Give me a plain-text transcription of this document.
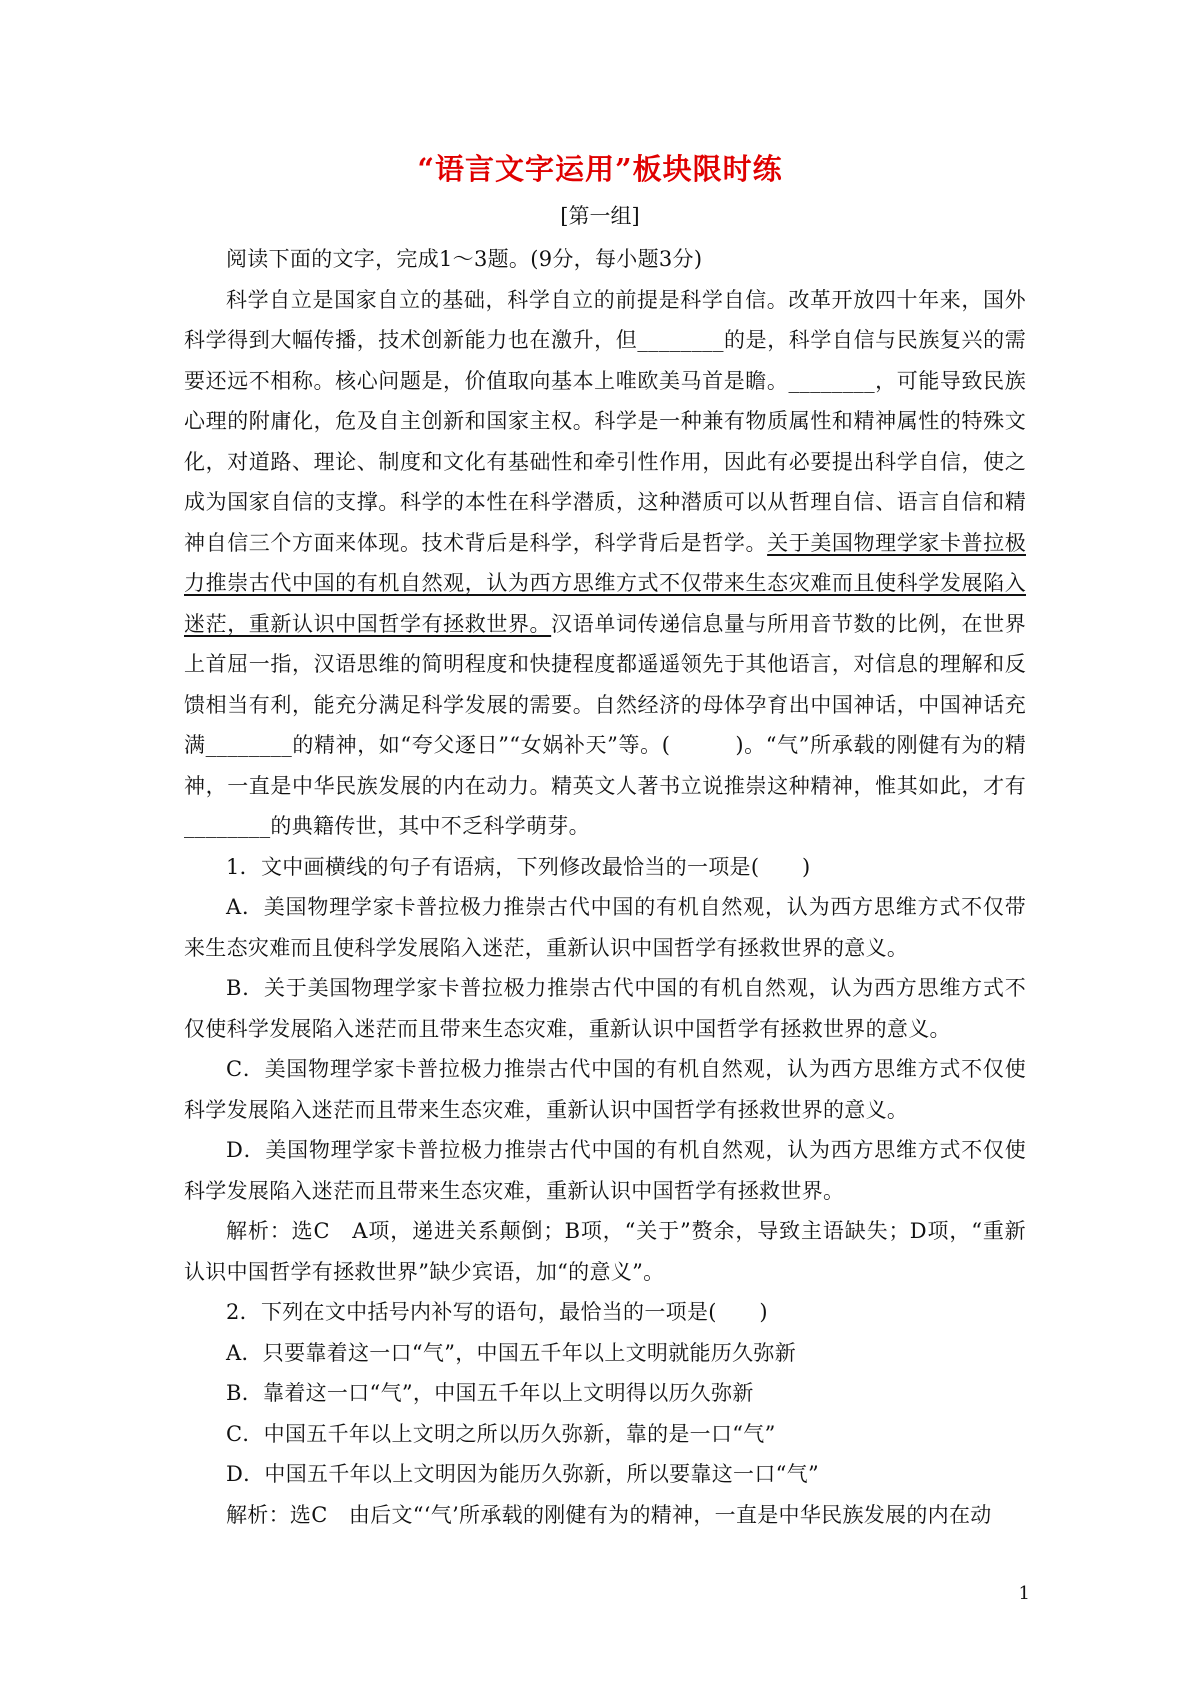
“语言文字运用”板块限时练
[第一组]

阅读下面的文字，完成1～3题。(9分，每小题3分)

科学自立是国家自立的基础，科学自立的前提是科学自信。改革开放四十年来，国外科学得到大幅传播，技术创新能力也在激升，但________的是，科学自信与民族复兴的需要还远不相称。核心问题是，价值取向基本上唯欧美马首是瞻。________，可能导致民族心理的附庸化，危及自主创新和国家主权。科学是一种兼有物质属性和精神属性的特殊文化，对道路、理论、制度和文化有基础性和牵引性作用，因此有必要提出科学自信，使之成为国家自信的支撑。科学的本性在科学潜质，这种潜质可以从哲理自信、语言自信和精神自信三个方面来体现。技术背后是科学，科学背后是哲学。关于美国物理学家卡普拉极力推崇古代中国的有机自然观，认为西方思维方式不仅带来生态灾难而且使科学发展陷入迷茫，重新认识中国哲学有拯救世界。汉语单词传递信息量与所用音节数的比例，在世界上首屈一指，汉语思维的简明程度和快捷程度都遥遥领先于其他语言，对信息的理解和反馈相当有利，能充分满足科学发展的需要。自然经济的母体孕育出中国神话，中国神话充满________的精神，如“夸父逐日”“女娲补天”等。(　　　)。“气”所承载的刚健有为的精神，一直是中华民族发展的内在动力。精英文人著书立说推崇这种精神，惟其如此，才有________的典籍传世，其中不乏科学萌芽。

1．文中画横线的句子有语病，下列修改最恰当的一项是(　　)

A．美国物理学家卡普拉极力推崇古代中国的有机自然观，认为西方思维方式不仅带来生态灾难而且使科学发展陷入迷茫，重新认识中国哲学有拯救世界的意义。

B．关于美国物理学家卡普拉极力推崇古代中国的有机自然观，认为西方思维方式不仅使科学发展陷入迷茫而且带来生态灾难，重新认识中国哲学有拯救世界的意义。

C．美国物理学家卡普拉极力推崇古代中国的有机自然观，认为西方思维方式不仅使科学发展陷入迷茫而且带来生态灾难，重新认识中国哲学有拯救世界的意义。

D．美国物理学家卡普拉极力推崇古代中国的有机自然观，认为西方思维方式不仅使科学发展陷入迷茫而且带来生态灾难，重新认识中国哲学有拯救世界。

解析：选C　A项，递进关系颠倒；B项，“关于”赘余，导致主语缺失；D项，“重新认识中国哲学有拯救世界”缺少宾语，加“的意义”。

2．下列在文中括号内补写的语句，最恰当的一项是(　　)

A．只要靠着这一口“气”，中国五千年以上文明就能历久弥新

B．靠着这一口“气”，中国五千年以上文明得以历久弥新

C．中国五千年以上文明之所以历久弥新，靠的是一口“气”

D．中国五千年以上文明因为能历久弥新，所以要靠这一口“气”

解析：选C　由后文“‘气’所承载的刚健有为的精神，一直是中华民族发展的内在动

1
